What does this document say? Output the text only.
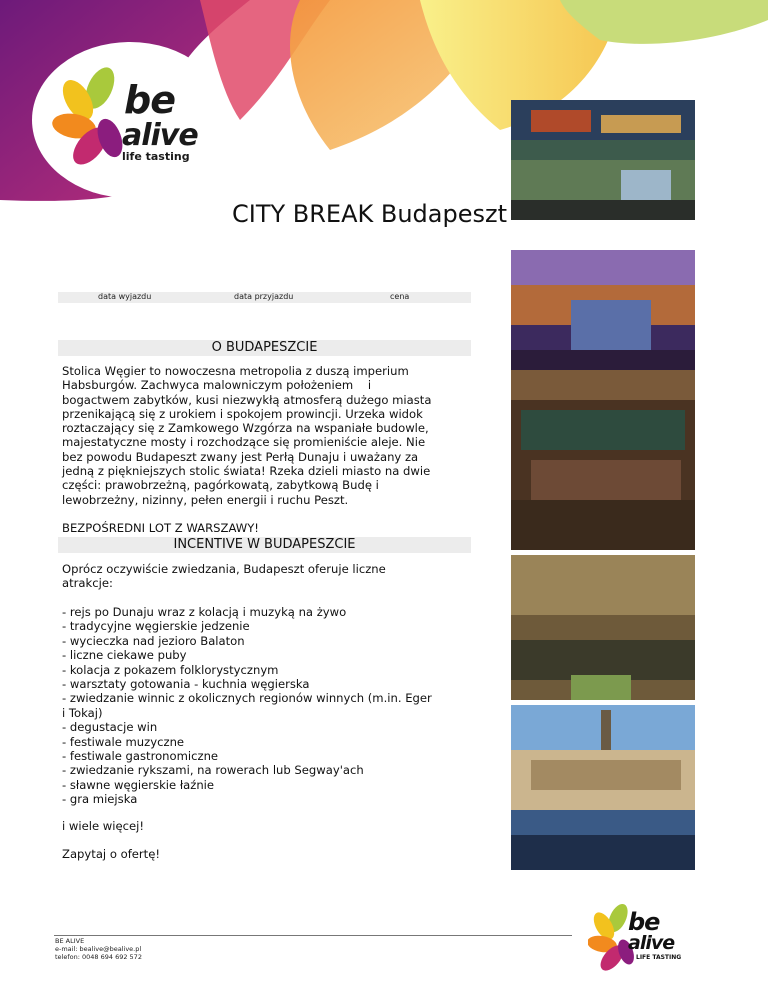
be
alive
life tasting
CITY BREAK Budapeszt
data wyjazdu	data przyjazdu	cena
O BUDAPESZCIE

Stolica Węgier to nowoczesna metropolia z duszą imperium

Habsburgów. Zachwyca malowniczym położeniem    i

bogactwem zabytków, kusi niezwykłą atmosferą dużego miasta

przenikającą się z urokiem i spokojem prowincji. Urzeka widok

roztaczający się z Zamkowego Wzgórza na wspaniałe budowle,

majestatyczne mosty i rozchodzące się promieniście aleje. Nie

bez powodu Budapeszt zwany jest Perłą Dunaju i uważany za

jedną z piękniejszych stolic świata! Rzeka dzieli miasto na dwie

części: prawobrzeżną, pagórkowatą, zabytkową Budę i

lewobrzeżny, nizinny, pełen energii i ruchu Peszt.

BEZPOŚREDNI LOT Z WARSZAWY!
INCENTIVE W BUDAPESZCIE

Oprócz oczywiście zwiedzania, Budapeszt oferuje liczne

atrakcje:

- rejs po Dunaju wraz z kolacją i muzyką na żywo
- tradycyjne węgierskie jedzenie
- wycieczka nad jezioro Balaton
- liczne ciekawe puby
- kolacja z pokazem folklorystycznym
- warsztaty gotowania - kuchnia węgierska
- zwiedzanie winnic z okolicznych regionów winnych (m.in. Eger
i Tokaj)
- degustacje win
- festiwale muzyczne
- festiwale gastronomiczne
- zwiedzanie rykszami, na rowerach lub Segway'ach
- sławne węgierskie łaźnie
- gra miejska
i wiele więcej!
Zapytaj o ofertę!
BE ALIVE
e-mail: bealive@bealive.pl
telefon: 0048 694 692 572
be
alive
LIFE TASTING
